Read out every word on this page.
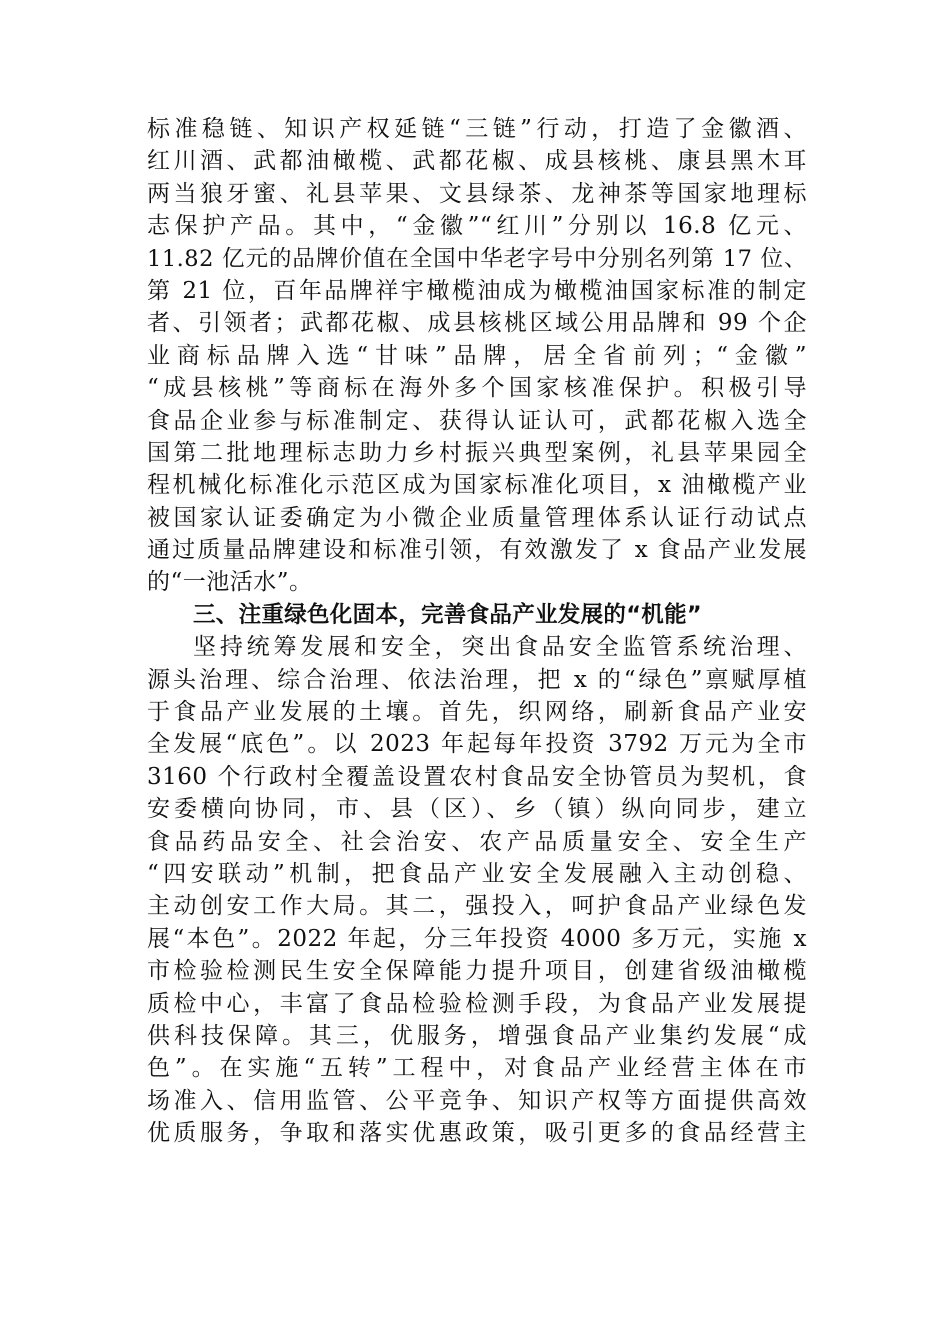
标准稳链、知识产权延链“三链”行动，打造了金徽酒、
红川酒、武都油橄榄、武都花椒、成县核桃、康县黑木耳
两当狼牙蜜、礼县苹果、文县绿茶、龙神茶等国家地理标
志保护产品。其中，“金徽”“红川”分别以 16.8 亿元、
11.82 亿元的品牌价值在全国中华老字号中分别名列第 17 位、
第 21 位，百年品牌祥宇橄榄油成为橄榄油国家标准的制定
者、引领者；武都花椒、成县核桃区域公用品牌和 99 个企
业商标品牌入选“甘味”品牌，居全省前列；“金徽”
“成县核桃”等商标在海外多个国家核准保护。积极引导
食品企业参与标准制定、获得认证认可，武都花椒入选全
国第二批地理标志助力乡村振兴典型案例，礼县苹果园全
程机械化标准化示范区成为国家标准化项目，x 油橄榄产业
被国家认证委确定为小微企业质量管理体系认证行动试点
通过质量品牌建设和标准引领，有效激发了 x 食品产业发展
的“一池活水”。
三、注重绿色化固本，完善食品产业发展的“机能”
坚持统筹发展和安全，突出食品安全监管系统治理、
源头治理、综合治理、依法治理，把 x 的“绿色”禀赋厚植
于食品产业发展的土壤。首先，织网络，刷新食品产业安
全发展“底色”。以 2023 年起每年投资 3792 万元为全市
3160 个行政村全覆盖设置农村食品安全协管员为契机，食
安委横向协同，市、县（区）、乡（镇）纵向同步，建立
食品药品安全、社会治安、农产品质量安全、安全生产
“四安联动”机制，把食品产业安全发展融入主动创稳、
主动创安工作大局。其二，强投入，呵护食品产业绿色发
展“本色”。2022 年起，分三年投资 4000 多万元，实施 x
市检验检测民生安全保障能力提升项目，创建省级油橄榄
质检中心，丰富了食品检验检测手段，为食品产业发展提
供科技保障。其三，优服务，增强食品产业集约发展“成
色”。在实施“五转”工程中，对食品产业经营主体在市
场准入、信用监管、公平竞争、知识产权等方面提供高效
优质服务，争取和落实优惠政策，吸引更多的食品经营主
